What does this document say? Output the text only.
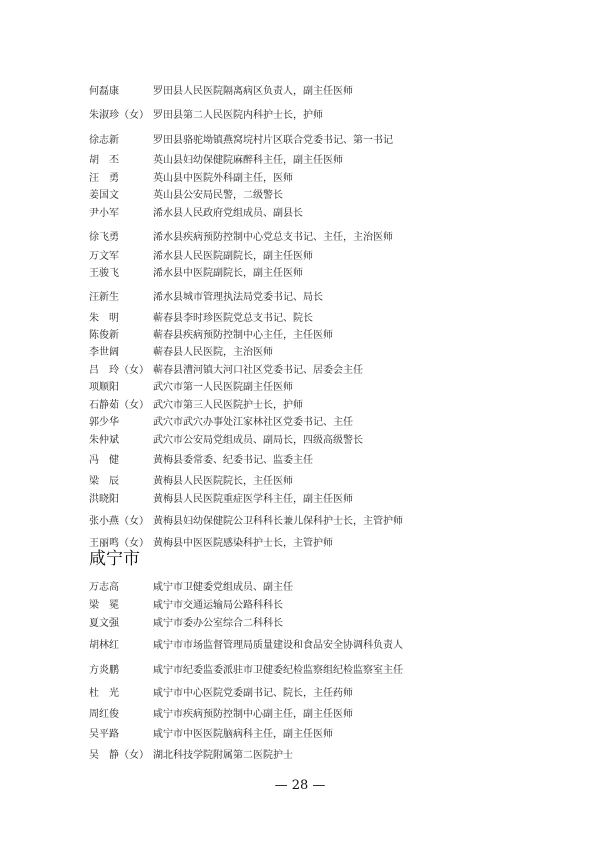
何磊康	罗田县人民医院隔离病区负责人，副主任医师
朱淑珍（女） 罗田县第二人民医院内科护士长，护师
徐志新	罗田县骆驼坳镇燕窝垸村片区联合党委书记、第一书记
胡　丕	英山县妇幼保健院麻醉科主任，副主任医师
汪　勇	英山县中医院外科副主任，医师
姜国文	英山县公安局民警，二级警长
尹小军	浠水县人民政府党组成员、副县长
徐飞勇	浠水县疾病预防控制中心党总支书记、主任，主治医师
万文军	浠水县人民医院副院长，副主任医师
王骏飞	浠水县中医院副院长，副主任医师
汪新生	浠水县城市管理执法局党委书记、局长
朱　明	蕲春县李时珍医院党总支书记、院长
陈俊新	蕲春县疾病预防控制中心主任，主任医师
李世阔	蕲春县人民医院，主治医师
吕　玲（女） 蕲春县漕河镇大河口社区党委书记、居委会主任
项顺阳	武穴市第一人民医院副主任医师
石静茹（女） 武穴市第三人民医院护士长，护师
郭少华	武穴市武穴办事处江家林社区党委书记、主任
朱仲斌	武穴市公安局党组成员、副局长，四级高级警长
冯　健	黄梅县委常委、纪委书记、监委主任
梁　辰	黄梅县人民医院院长，主任医师
洪晓阳	黄梅县人民医院重症医学科主任，副主任医师
张小燕（女） 黄梅县妇幼保健院公卫科科长兼儿保科护士长，主管护师
王丽鸣（女） 黄梅县中医医院感染科护士长，主管护师
咸宁市
万志高	咸宁市卫健委党组成员、副主任
梁　冕	咸宁市交通运输局公路科科长
夏文强	咸宁市委办公室综合二科科长
胡林红	咸宁市市场监督管理局质量建设和食品安全协调科负责人
方炎鹏	咸宁市纪委监委派驻市卫健委纪检监察组纪检监察室主任
杜　光	咸宁市中心医院党委副书记、院长，主任药师
周红俊	咸宁市疾病预防控制中心副主任，副主任医师
吴平路	咸宁市中医医院脑病科主任，副主任医师
吴　静（女） 湖北科技学院附属第二医院护士
— 28 —
